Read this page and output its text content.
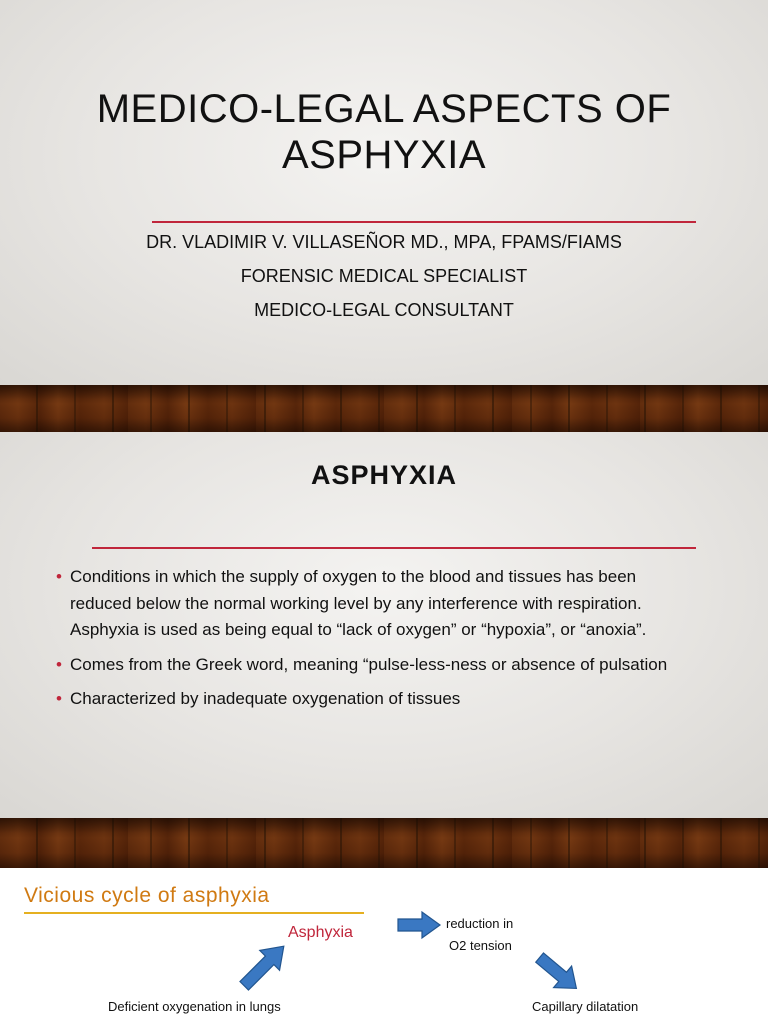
MEDICO-LEGAL ASPECTS OF
ASPHYXIA
DR. VLADIMIR V. VILLASEÑOR MD., MPA, FPAMS/FIAMS
FORENSIC MEDICAL SPECIALIST
MEDICO-LEGAL CONSULTANT
ASPHYXIA
• Conditions in which the supply of oxygen to the blood and tissues has been reduced below the normal working level by any interference with respiration. Asphyxia is used as being equal to “lack of oxygen” or “hypoxia”, or “anoxia”.
• Comes from the Greek word, meaning “pulse-less-ness or absence of pulsation
• Characterized by inadequate oxygenation of tissues
Vicious cycle of asphyxia
Asphyxia
reduction in
O2 tension
Deficient oxygenation in lungs	Capillary dilatation
